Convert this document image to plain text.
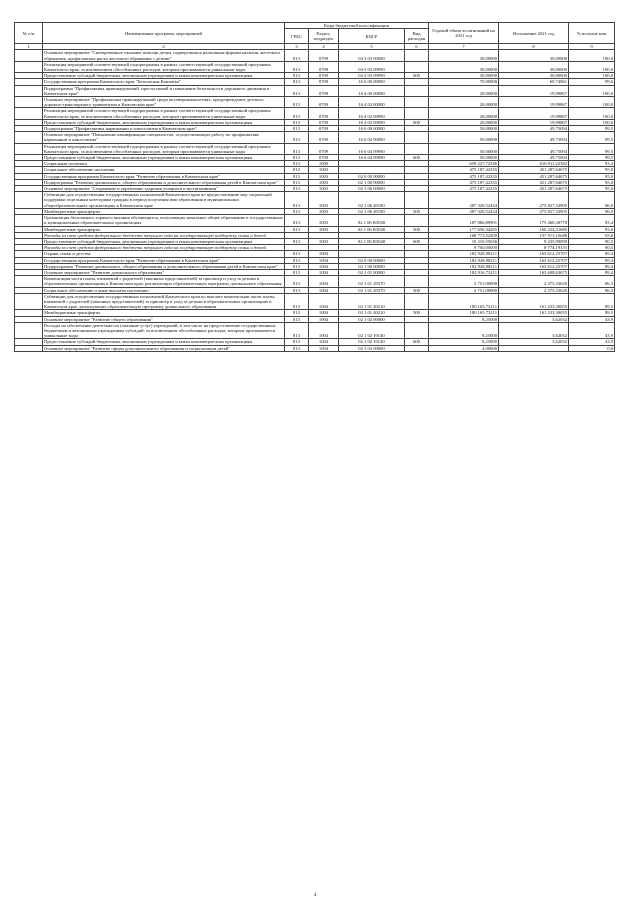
№ п/п	Наименование программ, мероприятий	Коды бюджетной классификации				Годовой объем ассигнований на 2021 год	Исполнение 2021 год	% исполне ния
		ГРБС	Раздел, подраздел	КЦСР	Вид расходов			
1	2	3	4	5	6	7	8	9
	Основное мероприятие "Своевременное оказание помощи детям, подвергшимся различным формам насилия, жестокого обращения, профилактика риска жестокого обращения с детьми"	813	0709	04 3 03 00000		30,00000	30,00000	100,0
	Реализация мероприятий соответствующей подпрограммы в рамках соответствующей государственной программы Камчатского края, за исключением обособленных расходов, которым присваиваются уникальные коды	813	0709	04 3 03 09990		30,00000	30,00000	100,0
	Предоставление субсидий бюджетным, автономным учреждениям и иным некоммерческим организациям	813	0709	04 3 03 09990	600	30,00000	30,00000	100,0
	Государственная программа Камчатского края "Безопасная Камчатка"	813	0709	16 0 00 00000		70,00000	69,74961	99,6
	Подпрограмма "Профилактика правонарушений, преступлений и повышение безопасности дорожного движения в Камчатском крае"	813	0709	16 4 00 00000		20,00000	19,99867	100,0
	Основное мероприятие "Профилактика правонарушений среди несовершеннолетних, предупреждение детского дорожно-транспортного травматизма в Камчатском крае"	813	0709	16 4 02 00000		20,00000	19,99867	100,0
	Реализация мероприятий соответствующей подпрограммы в рамках соответствующей государственной программы Камчатского края, за исключением обособленных расходов, которым присваиваются уникальные коды	813	0709	16 4 02 09990		20,00000	19,99867	100,0
	Предоставление субсидий бюджетным, автономным учреждениям и иным некоммерческим организациям	813	0709	16 4 02 09990	600	20,00000	19,99867	100,0
	Подпрограмма "Профилактика наркомании и алкоголизма в Камчатском крае"	813	0709	16 6 00 00000		50,00000	49,75094	99,5
	Основное мероприятие "Повышение квалификации специалистов, осуществляющих работу по профилактике наркомании и алкоголизма"	813	0709	16 6 04 00000		50,00000	49,75094	99,5
	Реализация мероприятий соответствующей подпрограммы в рамках соответствующей государственной программы Камчатского края, за исключением обособленных расходов, которым присваиваются уникальные коды	813	0709	16 6 04 09990		50,00000	49,75094	99,5
	Предоставление субсидий бюджетным, автономным учреждениям и иным некоммерческим организациям	813	0709	16 6 04 09990	600	50,00000	49,75094	99,5
	Социальная политика	813	1000			659 227,72546	616 011,22382	93,4
	Социальное обеспечение населения	813	1003			475 187,42335	451 287,64675	95,0
	Государственная программа Камчатского края "Развитие образования в Камчатском крае"	813	1003	02 0 00 00000		475 187,42335	451 287,64675	95,0
	Подпрограмма "Развитие дошкольного, общего образования и дополнительного образования детей в Камчатском крае"	813	1003	02 1 00 00000		475 187,42335	451 287,64675	95,0
	Основное мероприятие "Сохранение и укрепление здоровья учащихся и воспитанников"	813	1003	02 1 06 00000		475 187,42335	451 287,64675	95,0
	Субвенции для осуществления государственных полномочий Камчатского края по предоставлению мер социальной поддержки отдельным категориям граждан в период получения ими образования в муниципальных общеобразовательных организациях в Камчатском крае	813	1003	02 1 06 40180		287 320,52434	275 827,33905	96,0
	Межбюджетные трансферты	813	1003	02 1 06 40180	500	287 320,52434	275 827,33905	96,0
	Организация бесплатного горячего питания обучающихся, получающих начальное общее образование в государственных и муниципальных образовательных организациях	813	1003	02 1 06 R3040		187 866,89901	175 460,30770	93,4
	Межбюджетные трансферты	813	1003	02 1 06 R3040	500	177 656,34265	166 224,31680	93,6
	Расходы за счет средств федерального бюджета текущего года на государственную поддержку семьи и детей					168 773,52500	157 913,10048	93,6
	Предоставление субсидий бюджетным, автономным учреждениям и иным некоммерческим организациям	813	1003	02 1 06 R3040	600	10 210,55636	9 235,99090	90,5
	Расходы за счет средств федерального бюджета текущего года на государственную поддержку семьи и детей					9 700,00000	8 774,19133	90,5
	Охрана семьи и детства	813	1004			182 928,98211	163 612,25707	89,4
	Государственная программа Камчатского края "Развитие образования в Камчатском крае"	813	1004	02 0 00 00000		182 928,98211	163 612,25707	89,4
	Подпрограмма "Развитие дошкольного, общего образования и дополнительного образования детей в Камчатском крае"	813	1004	02 1 00 00000		182 928,98211	163 612,25707	89,4
	Основное мероприятие "Развитие дошкольного образования"	813	1004	02 1 01 00000		182 916,73211	163 608,63675	89,4
	Компенсация части платы, взимаемой с родителей (законных представителей) за присмотр и уход за детьми в образовательных организациях в Камчатском крае, реализующих образовательную программу дошкольного образования	813	1004	02 1 01 20370		2 751,00000	2 375,33620	86,3
	Социальное обеспечение и иные выплаты населению	813	1004	02 1 01 20370	300	2 751,00000	2 375,33620	86,3
	Субвенции для осуществления государственных полномочий Камчатского края по выплате компенсации части платы, взимаемой с родителей (законных представителей) за присмотр и уход за детьми в образовательных организациях в Камчатском крае, реализующих образовательную программу дошкольного образования	813	1004	02 1 01 40210		180 165,73211	161 233,30055	89,5
	Межбюджетные трансферты	813	1004	02 1 01 40210	500	180 165,73211	161 233,30055	89,5
	Основное мероприятие "Развитие общего образования"	813	1004	02 1 02 00000		8,25000	3,62032	43,9
	Расходы на обеспечение деятельности (оказание услуг) учреждений, в том числе на предоставление государственным бюджетным и автономным учреждениям субсидий, за исключением обособленных расходов, которым присваиваются уникальные коды	813	1004	02 1 02 10140		8,25000	3,62032	43,9
	Предоставление субсидий бюджетным, автономным учреждениям и иным некоммерческим организациям	813	1004	02 1 02 10140	600	8,25000	3,62032	43,9
	Основное мероприятие "Развитие сферы дополнительного образования и социализации детей"	813	1004	02 1 03 00000		4,00000		0,0
4
